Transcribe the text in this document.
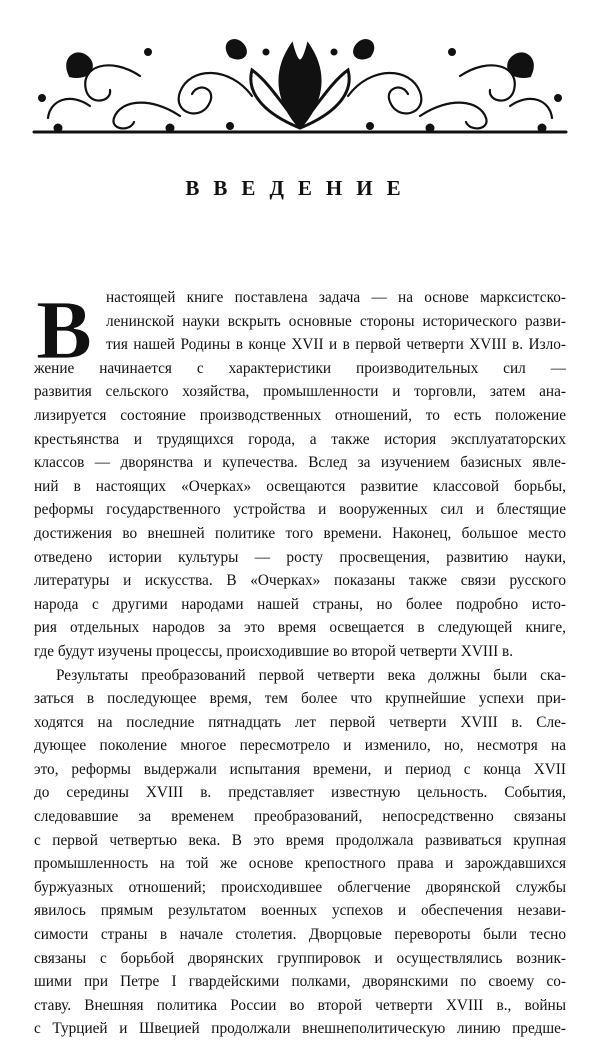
ВВЕДЕНИЕ
В настоящей книге поставлена задача — на основе марксистско-
ленинской науки вскрыть основные стороны исторического разви-
тия нашей Родины в конце XVII и в первой четверти XVIII в. Изло-
жение начинается с характеристики производительных сил —
развития сельского хозяйства, промышленности и торговли, затем ана-
лизируется состояние производственных отношений, то есть положение
крестьянства и трудящихся города, а также история эксплуататорских
классов — дворянства и купечества. Вслед за изучением базисных явле-
ний в настоящих «Очерках» освещаются развитие классовой борьбы,
реформы государственного устройства и вооруженных сил и блестящие
достижения во внешней политике того времени. Наконец, большое место
отведено истории культуры — росту просвещения, развитию науки,
литературы и искусства. В «Очерках» показаны также связи русского
народа с другими народами нашей страны, но более подробно исто-
рия отдельных народов за это время освещается в следующей книге,
где будут изучены процессы, происходившие во второй четверти XVIII в.
Результаты преобразований первой четверти века должны были ска-
заться в последующее время, тем более что крупнейшие успехи при-
ходятся на последние пятнадцать лет первой четверти XVIII в. Сле-
дующее поколение многое пересмотрело и изменило, но, несмотря на
это, реформы выдержали испытания времени, и период с конца XVII
до середины XVIII в. представляет известную цельность. События,
следовавшие за временем преобразований, непосредственно связаны
с первой четвертью века. В это время продолжала развиваться крупная
промышленность на той же основе крепостного права и зарождавшихся
буржуазных отношений; происходившее облегчение дворянской службы
явилось прямым результатом военных успехов и обеспечения незави-
симости страны в начале столетия. Дворцовые перевороты были тесно
связаны с борьбой дворянских группировок и осуществлялись возник-
шими при Петре I гвардейскими полками, дворянскими по своему со-
ставу. Внешняя политика России во второй четверти XVIII в., войны
с Турцией и Швецией продолжали внешнеполитическую линию предше-
